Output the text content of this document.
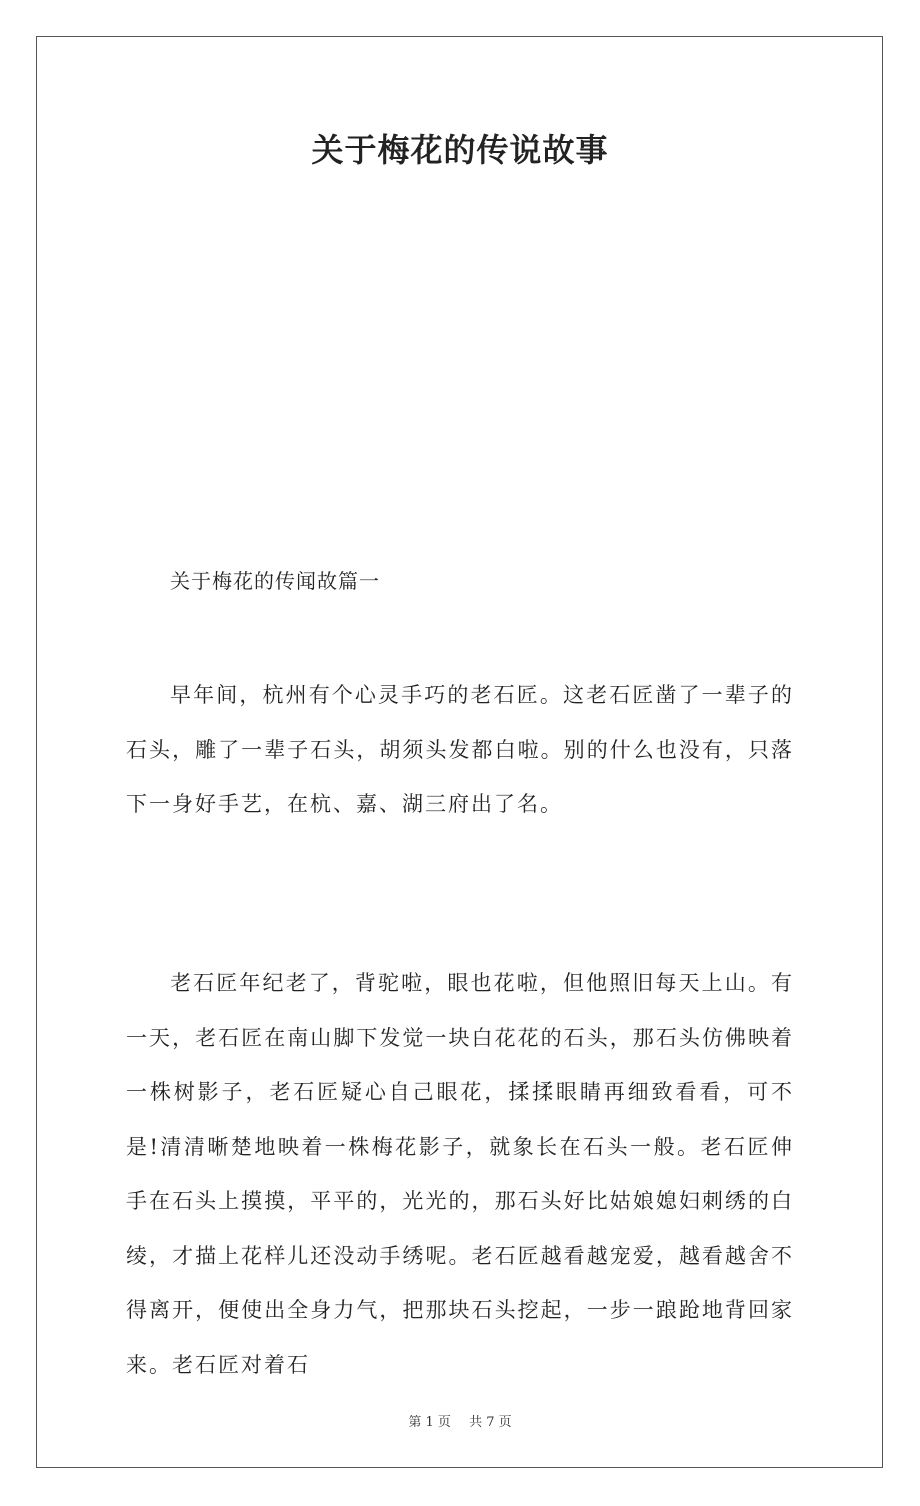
关于梅花的传说故事
关于梅花的传闻故篇一

早年间，杭州有个心灵手巧的老石匠。这老石匠凿了一辈子的石头，雕了一辈子石头，胡须头发都白啦。别的什么也没有，只落下一身好手艺，在杭、嘉、湖三府出了名。

老石匠年纪老了，背驼啦，眼也花啦，但他照旧每天上山。有一天，老石匠在南山脚下发觉一块白花花的石头，那石头仿佛映着一株树影子，老石匠疑心自己眼花，揉揉眼睛再细致看看，可不是!清清晰楚地映着一株梅花影子，就象长在石头一般。老石匠伸手在石头上摸摸，平平的，光光的，那石头好比姑娘媳妇刺绣的白绫，才描上花样儿还没动手绣呢。老石匠越看越宠爱，越看越舍不得离开，便使出全身力气，把那块石头挖起，一步一踉跄地背回家来。老石匠对着石

第 1 页 共 7 页
